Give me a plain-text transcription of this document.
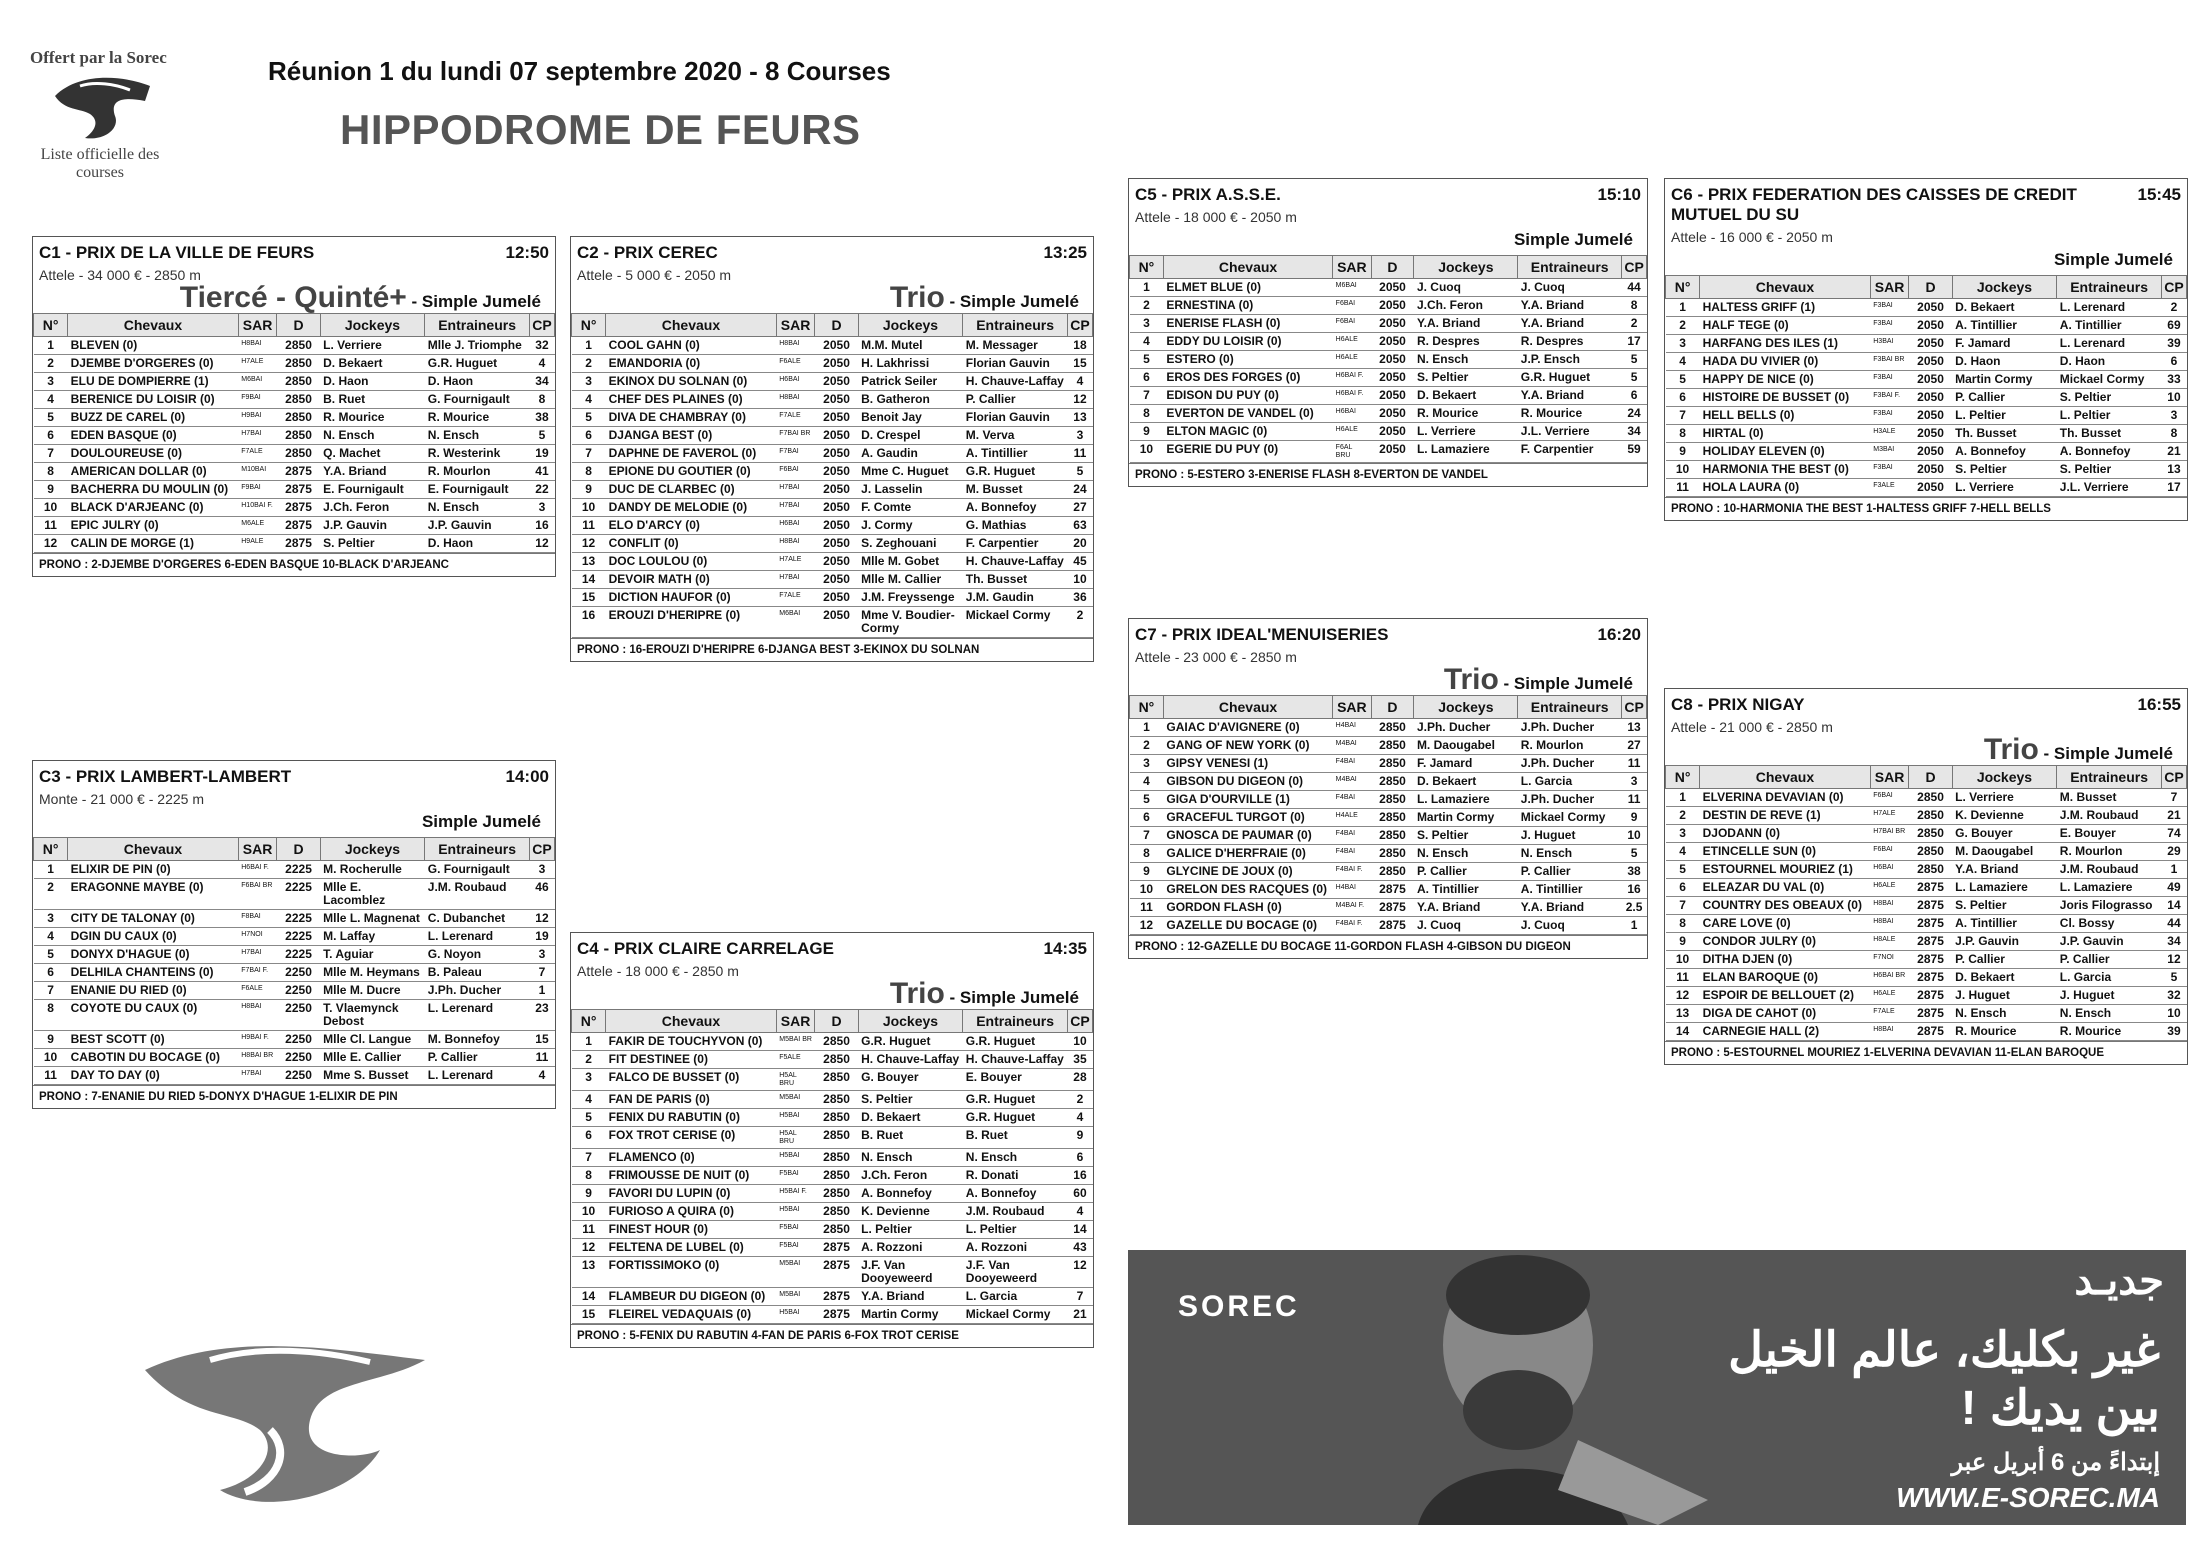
Offert par la Sorec
Liste officielle des courses
Réunion 1 du lundi 07 septembre 2020 - 8 Courses
HIPPODROME DE FEURS
C1 - PRIX DE LA VILLE DE FEURS	12:50
Attele - 34 000 € - 2850 m
Tiercé - Quinté+ - Simple Jumelé
N°	Chevaux	SAR	D	Jockeys	Entraineurs	CP
1	BLEVEN (0)	H8BAI	2850	L. Verriere	Mlle J. Triomphe	32
2	DJEMBE D'ORGERES (0)	H7ALE	2850	D. Bekaert	G.R. Huguet	4
3	ELU DE DOMPIERRE (1)	M6BAI	2850	D. Haon	D. Haon	34
4	BERENICE DU LOISIR (0)	F9BAI	2850	B. Ruet	G. Fournigault	8
5	BUZZ DE CAREL (0)	H9BAI	2850	R. Mourice	R. Mourice	38
6	EDEN BASQUE (0)	H7BAI	2850	N. Ensch	N. Ensch	5
7	DOULOUREUSE (0)	F7ALE	2850	Q. Machet	R. Westerink	19
8	AMERICAN DOLLAR (0)	M10BAI	2875	Y.A. Briand	R. Mourlon	41
9	BACHERRA DU MOULIN (0)	F9BAI	2875	E. Fournigault	E. Fournigault	22
10	BLACK D'ARJEANC (0)	H10BAI F.	2875	J.Ch. Feron	N. Ensch	3
11	EPIC JULRY (0)	M6ALE	2875	J.P. Gauvin	J.P. Gauvin	16
12	CALIN DE MORGE (1)	H9ALE	2875	S. Peltier	D. Haon	12
PRONO : 2-DJEMBE D'ORGERES 6-EDEN BASQUE 10-BLACK D'ARJEANC
C2 - PRIX CEREC	13:25
Attele - 5 000 € - 2050 m
Trio - Simple Jumelé
N°	Chevaux	SAR	D	Jockeys	Entraineurs	CP
1	COOL GAHN (0)	H8BAI	2050	M.M. Mutel	M. Messager	18
2	EMANDORIA (0)	F6ALE	2050	H. Lakhrissi	Florian Gauvin	15
3	EKINOX DU SOLNAN (0)	H6BAI	2050	Patrick Seiler	H. Chauve-Laffay	4
4	CHEF DES PLAINES (0)	H8BAI	2050	B. Gatheron	P. Callier	12
5	DIVA DE CHAMBRAY (0)	F7ALE	2050	Benoit Jay	Florian Gauvin	13
6	DJANGA BEST (0)	F7BAI BR	2050	D. Crespel	M. Verva	3
7	DAPHNE DE FAVEROL (0)	F7BAI	2050	A. Gaudin	A. Tintillier	11
8	EPIONE DU GOUTIER (0)	F6BAI	2050	Mme C. Huguet	G.R. Huguet	5
9	DUC DE CLARBEC (0)	H7BAI	2050	J. Lasselin	M. Busset	24
10	DANDY DE MELODIE (0)	H7BAI	2050	F. Comte	A. Bonnefoy	27
11	ELO D'ARCY (0)	H6BAI	2050	J. Cormy	G. Mathias	63
12	CONFLIT (0)	H8BAI	2050	S. Zeghouani	F. Carpentier	20
13	DOC LOULOU (0)	H7ALE	2050	Mlle M. Gobet	H. Chauve-Laffay	45
14	DEVOIR MATH (0)	H7BAI	2050	Mlle M. Callier	Th. Busset	10
15	DICTION HAUFOR (0)	F7ALE	2050	J.M. Freyssenge	J.M. Gaudin	36
16	EROUZI D'HERIPRE (0)	M6BAI	2050	Mme V. Boudier-Cormy	Mickael Cormy	2
PRONO : 16-EROUZI D'HERIPRE 6-DJANGA BEST 3-EKINOX DU SOLNAN
C3 - PRIX LAMBERT-LAMBERT	14:00
Monte - 21 000 € - 2225 m
Simple Jumelé
N°	Chevaux	SAR	D	Jockeys	Entraineurs	CP
1	ELIXIR DE PIN (0)	H6BAI F.	2225	M. Rocherulle	G. Fournigault	3
2	ERAGONNE MAYBE (0)	F6BAI BR	2225	Mlle E. Lacomblez	J.M. Roubaud	46
3	CITY DE TALONAY (0)	F8BAI	2225	Mlle L. Magnenat	C. Dubanchet	12
4	DGIN DU CAUX (0)	H7NOI	2225	M. Laffay	L. Lerenard	19
5	DONYX D'HAGUE (0)	H7BAI	2225	T. Aguiar	G. Noyon	3
6	DELHILA CHANTEINS (0)	F7BAI F.	2250	Mlle M. Heymans	B. Paleau	7
7	ENANIE DU RIED (0)	F6ALE	2250	Mlle M. Ducre	J.Ph. Ducher	1
8	COYOTE DU CAUX (0)	H8BAI	2250	T. Vlaemynck Debost	L. Lerenard	23
9	BEST SCOTT (0)	H9BAI F.	2250	Mlle Cl. Langue	M. Bonnefoy	15
10	CABOTIN DU BOCAGE (0)	H8BAI BR	2250	Mlle E. Callier	P. Callier	11
11	DAY TO DAY (0)	H7BAI	2250	Mme S. Busset	L. Lerenard	4
PRONO : 7-ENANIE DU RIED 5-DONYX D'HAGUE 1-ELIXIR DE PIN
C4 - PRIX CLAIRE CARRELAGE	14:35
Attele - 18 000 € - 2850 m
Trio - Simple Jumelé
N°	Chevaux	SAR	D	Jockeys	Entraineurs	CP
1	FAKIR DE TOUCHYVON (0)	M5BAI BR	2850	G.R. Huguet	G.R. Huguet	10
2	FIT DESTINEE (0)	F5ALE	2850	H. Chauve-Laffay	H. Chauve-Laffay	35
3	FALCO DE BUSSET (0)	H5AL BRU	2850	G. Bouyer	E. Bouyer	28
4	FAN DE PARIS (0)	M5BAI	2850	S. Peltier	G.R. Huguet	2
5	FENIX DU RABUTIN (0)	H5BAI	2850	D. Bekaert	G.R. Huguet	4
6	FOX TROT CERISE (0)	H5AL BRU	2850	B. Ruet	B. Ruet	9
7	FLAMENCO (0)	H5BAI	2850	N. Ensch	N. Ensch	6
8	FRIMOUSSE DE NUIT (0)	F5BAI	2850	J.Ch. Feron	R. Donati	16
9	FAVORI DU LUPIN (0)	H5BAI F.	2850	A. Bonnefoy	A. Bonnefoy	60
10	FURIOSO A QUIRA (0)	H5BAI	2850	K. Devienne	J.M. Roubaud	4
11	FINEST HOUR (0)	F5BAI	2850	L. Peltier	L. Peltier	14
12	FELTENA DE LUBEL (0)	F5BAI	2875	A. Rozzoni	A. Rozzoni	43
13	FORTISSIMOKO (0)	M5BAI	2875	J.F. Van Dooyeweerd	J.F. Van Dooyeweerd	12
14	FLAMBEUR DU DIGEON (0)	M5BAI	2875	Y.A. Briand	L. Garcia	7
15	FLEIREL VEDAQUAIS (0)	H5BAI	2875	Martin Cormy	Mickael Cormy	21
PRONO : 5-FENIX DU RABUTIN 4-FAN DE PARIS 6-FOX TROT CERISE
C5 - PRIX A.S.S.E.	15:10
Attele - 18 000 € - 2050 m
Simple Jumelé
N°	Chevaux	SAR	D	Jockeys	Entraineurs	CP
1	ELMET BLUE (0)	M6BAI	2050	J. Cuoq	J. Cuoq	44
2	ERNESTINA (0)	F6BAI	2050	J.Ch. Feron	Y.A. Briand	8
3	ENERISE FLASH (0)	F6BAI	2050	Y.A. Briand	Y.A. Briand	2
4	EDDY DU LOISIR (0)	H6ALE	2050	R. Despres	R. Despres	17
5	ESTERO (0)	H6ALE	2050	N. Ensch	J.P. Ensch	5
6	EROS DES FORGES (0)	H6BAI F.	2050	S. Peltier	G.R. Huguet	5
7	EDISON DU PUY (0)	H6BAI F.	2050	D. Bekaert	Y.A. Briand	6
8	EVERTON DE VANDEL (0)	H6BAI	2050	R. Mourice	R. Mourice	24
9	ELTON MAGIC (0)	H6ALE	2050	L. Verriere	J.L. Verriere	34
10	EGERIE DU PUY (0)	F6AL BRU	2050	L. Lamaziere	F. Carpentier	59
PRONO : 5-ESTERO 3-ENERISE FLASH 8-EVERTON DE VANDEL
C6 - PRIX FEDERATION DES CAISSES DE CREDIT MUTUEL DU SU
15:45
Attele - 16 000 € - 2050 m
Simple Jumelé
N°	Chevaux	SAR	D	Jockeys	Entraineurs	CP
1	HALTESS GRIFF (1)	F3BAI	2050	D. Bekaert	L. Lerenard	2
2	HALF TEGE (0)	F3BAI	2050	A. Tintillier	A. Tintillier	69
3	HARFANG DES ILES (1)	H3BAI	2050	F. Jamard	L. Lerenard	39
4	HADA DU VIVIER (0)	F3BAI BR	2050	D. Haon	D. Haon	6
5	HAPPY DE NICE (0)	F3BAI	2050	Martin Cormy	Mickael Cormy	33
6	HISTOIRE DE BUSSET (0)	F3BAI F.	2050	P. Callier	S. Peltier	10
7	HELL BELLS (0)	F3BAI	2050	L. Peltier	L. Peltier	3
8	HIRTAL (0)	H3ALE	2050	Th. Busset	Th. Busset	8
9	HOLIDAY ELEVEN (0)	M3BAI	2050	A. Bonnefoy	A. Bonnefoy	21
10	HARMONIA THE BEST (0)	F3BAI	2050	S. Peltier	S. Peltier	13
11	HOLA LAURA (0)	F3ALE	2050	L. Verriere	J.L. Verriere	17
PRONO : 10-HARMONIA THE BEST 1-HALTESS GRIFF 7-HELL BELLS
C7 - PRIX IDEAL'MENUISERIES	16:20
Attele - 23 000 € - 2850 m
Trio - Simple Jumelé
N°	Chevaux	SAR	D	Jockeys	Entraineurs	CP
1	GAIAC D'AVIGNERE (0)	H4BAI	2850	J.Ph. Ducher	J.Ph. Ducher	13
2	GANG OF NEW YORK (0)	M4BAI	2850	M. Daougabel	R. Mourlon	27
3	GIPSY VENESI (1)	F4BAI	2850	F. Jamard	J.Ph. Ducher	11
4	GIBSON DU DIGEON (0)	M4BAI	2850	D. Bekaert	L. Garcia	3
5	GIGA D'OURVILLE (1)	F4BAI	2850	L. Lamaziere	J.Ph. Ducher	11
6	GRACEFUL TURGOT (0)	H4ALE	2850	Martin Cormy	Mickael Cormy	9
7	GNOSCA DE PAUMAR (0)	F4BAI	2850	S. Peltier	J. Huguet	10
8	GALICE D'HERFRAIE (0)	F4BAI	2850	N. Ensch	N. Ensch	5
9	GLYCINE DE JOUX (0)	F4BAI F.	2850	P. Callier	P. Callier	38
10	GRELON DES RACQUES (0)	H4BAI	2875	A. Tintillier	A. Tintillier	16
11	GORDON FLASH (0)	M4BAI F.	2875	Y.A. Briand	Y.A. Briand	2.5
12	GAZELLE DU BOCAGE (0)	F4BAI F.	2875	J. Cuoq	J. Cuoq	1
PRONO : 12-GAZELLE DU BOCAGE 11-GORDON FLASH 4-GIBSON DU DIGEON
C8 - PRIX NIGAY	16:55
Attele - 21 000 € - 2850 m
Trio - Simple Jumelé
N°	Chevaux	SAR	D	Jockeys	Entraineurs	CP
1	ELVERINA DEVAVIAN (0)	F6BAI	2850	L. Verriere	M. Busset	7
2	DESTIN DE REVE (1)	H7ALE	2850	K. Devienne	J.M. Roubaud	21
3	DJODANN (0)	H7BAI BR	2850	G. Bouyer	E. Bouyer	74
4	ETINCELLE SUN (0)	F6BAI	2850	M. Daougabel	R. Mourlon	29
5	ESTOURNEL MOURIEZ (1)	H6BAI	2850	Y.A. Briand	J.M. Roubaud	1
6	ELEAZAR DU VAL (0)	H6ALE	2875	L. Lamaziere	L. Lamaziere	49
7	COUNTRY DES OBEAUX (0)	H8BAI	2875	S. Peltier	Joris Filograsso	14
8	CARE LOVE (0)	H8BAI	2875	A. Tintillier	Cl. Bossy	44
9	CONDOR JULRY (0)	H8ALE	2875	J.P. Gauvin	J.P. Gauvin	34
10	DITHA DJEN (0)	F7NOI	2875	P. Callier	P. Callier	12
11	ELAN BAROQUE (0)	H6BAI BR	2875	D. Bekaert	L. Garcia	5
12	ESPOIR DE BELLOUET (2)	H6ALE	2875	J. Huguet	J. Huguet	32
13	DIGA DE CAHOT (0)	F7ALE	2875	N. Ensch	N. Ensch	10
14	CARNEGIE HALL (2)	H8BAI	2875	R. Mourice	R. Mourice	39
PRONO : 5-ESTOURNEL MOURIEZ 1-ELVERINA DEVAVIAN 11-ELAN BAROQUE
SOREC
جديـد
غير بكليك، عالم الخيل
بين يديك !
إبتداءً من 6 أبريل عبر
WWW.E-SOREC.MA
